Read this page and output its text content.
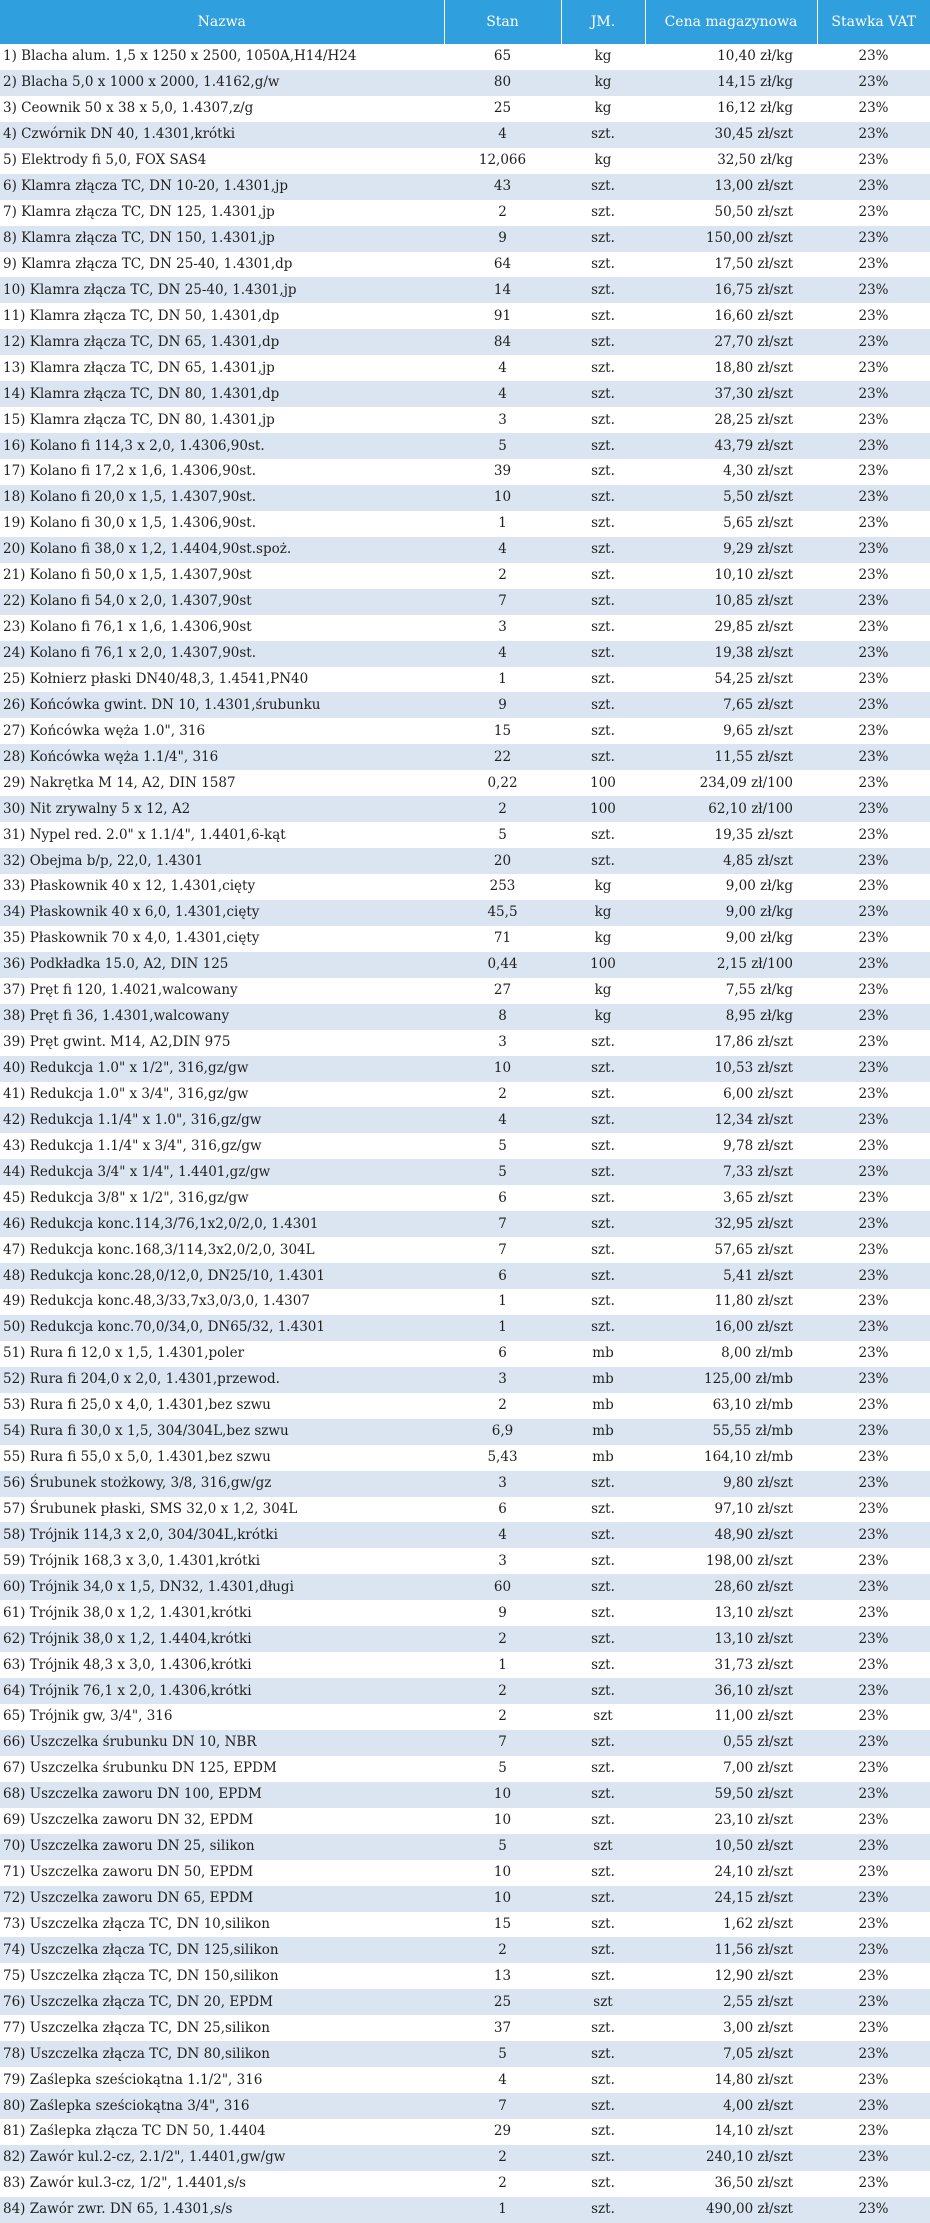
Nazwa	Stan	JM.	Cena magazynowa	Stawka VAT
1) Blacha alum. 1,5 x 1250 x 2500, 1050A,H14/H24	65	kg	10,40 zł/kg	23%
2) Blacha 5,0 x 1000 x 2000, 1.4162,g/w	80	kg	14,15 zł/kg	23%
3) Ceownik 50 x 38 x 5,0, 1.4307,z/g	25	kg	16,12 zł/kg	23%
4) Czwórnik DN 40, 1.4301,krótki	4	szt.	30,45 zł/szt	23%
5) Elektrody fi 5,0, FOX SAS4	12,066	kg	32,50 zł/kg	23%
6) Klamra złącza TC, DN 10-20, 1.4301,jp	43	szt.	13,00 zł/szt	23%
7) Klamra złącza TC, DN 125, 1.4301,jp	2	szt.	50,50 zł/szt	23%
8) Klamra złącza TC, DN 150, 1.4301,jp	9	szt.	150,00 zł/szt	23%
9) Klamra złącza TC, DN 25-40, 1.4301,dp	64	szt.	17,50 zł/szt	23%
10) Klamra złącza TC, DN 25-40, 1.4301,jp	14	szt.	16,75 zł/szt	23%
11) Klamra złącza TC, DN 50, 1.4301,dp	91	szt.	16,60 zł/szt	23%
12) Klamra złącza TC, DN 65, 1.4301,dp	84	szt.	27,70 zł/szt	23%
13) Klamra złącza TC, DN 65, 1.4301,jp	4	szt.	18,80 zł/szt	23%
14) Klamra złącza TC, DN 80, 1.4301,dp	4	szt.	37,30 zł/szt	23%
15) Klamra złącza TC, DN 80, 1.4301,jp	3	szt.	28,25 zł/szt	23%
16) Kolano fi 114,3 x 2,0, 1.4306,90st.	5	szt.	43,79 zł/szt	23%
17) Kolano fi 17,2 x 1,6, 1.4306,90st.	39	szt.	4,30 zł/szt	23%
18) Kolano fi 20,0 x 1,5, 1.4307,90st.	10	szt.	5,50 zł/szt	23%
19) Kolano fi 30,0 x 1,5, 1.4306,90st.	1	szt.	5,65 zł/szt	23%
20) Kolano fi 38,0 x 1,2, 1.4404,90st.spoż.	4	szt.	9,29 zł/szt	23%
21) Kolano fi 50,0 x 1,5, 1.4307,90st	2	szt.	10,10 zł/szt	23%
22) Kolano fi 54,0 x 2,0, 1.4307,90st	7	szt.	10,85 zł/szt	23%
23) Kolano fi 76,1 x 1,6, 1.4306,90st	3	szt.	29,85 zł/szt	23%
24) Kolano fi 76,1 x 2,0, 1.4307,90st.	4	szt.	19,38 zł/szt	23%
25) Kołnierz płaski DN40/48,3, 1.4541,PN40	1	szt.	54,25 zł/szt	23%
26) Końcówka gwint. DN 10, 1.4301,śrubunku	9	szt.	7,65 zł/szt	23%
27) Końcówka węża 1.0", 316	15	szt.	9,65 zł/szt	23%
28) Końcówka węża 1.1/4", 316	22	szt.	11,55 zł/szt	23%
29) Nakrętka M 14, A2, DIN 1587	0,22	100	234,09 zł/100	23%
30) Nit zrywalny 5 x 12, A2	2	100	62,10 zł/100	23%
31) Nypel red. 2.0" x 1.1/4", 1.4401,6-kąt	5	szt.	19,35 zł/szt	23%
32) Obejma b/p, 22,0, 1.4301	20	szt.	4,85 zł/szt	23%
33) Płaskownik 40 x 12, 1.4301,cięty	253	kg	9,00 zł/kg	23%
34) Płaskownik 40 x 6,0, 1.4301,cięty	45,5	kg	9,00 zł/kg	23%
35) Płaskownik 70 x 4,0, 1.4301,cięty	71	kg	9,00 zł/kg	23%
36) Podkładka 15.0, A2, DIN 125	0,44	100	2,15 zł/100	23%
37) Pręt fi 120, 1.4021,walcowany	27	kg	7,55 zł/kg	23%
38) Pręt fi 36, 1.4301,walcowany	8	kg	8,95 zł/kg	23%
39) Pręt gwint. M14, A2,DIN 975	3	szt.	17,86 zł/szt	23%
40) Redukcja 1.0" x 1/2", 316,gz/gw	10	szt.	10,53 zł/szt	23%
41) Redukcja 1.0" x 3/4", 316,gz/gw	2	szt.	6,00 zł/szt	23%
42) Redukcja 1.1/4" x 1.0", 316,gz/gw	4	szt.	12,34 zł/szt	23%
43) Redukcja 1.1/4" x 3/4", 316,gz/gw	5	szt.	9,78 zł/szt	23%
44) Redukcja 3/4" x 1/4", 1.4401,gz/gw	5	szt.	7,33 zł/szt	23%
45) Redukcja 3/8" x 1/2", 316,gz/gw	6	szt.	3,65 zł/szt	23%
46) Redukcja konc.114,3/76,1x2,0/2,0, 1.4301	7	szt.	32,95 zł/szt	23%
47) Redukcja konc.168,3/114,3x2,0/2,0, 304L	7	szt.	57,65 zł/szt	23%
48) Redukcja konc.28,0/12,0, DN25/10, 1.4301	6	szt.	5,41 zł/szt	23%
49) Redukcja konc.48,3/33,7x3,0/3,0, 1.4307	1	szt.	11,80 zł/szt	23%
50) Redukcja konc.70,0/34,0, DN65/32, 1.4301	1	szt.	16,00 zł/szt	23%
51) Rura fi 12,0 x 1,5, 1.4301,poler	6	mb	8,00 zł/mb	23%
52) Rura fi 204,0 x 2,0, 1.4301,przewod.	3	mb	125,00 zł/mb	23%
53) Rura fi 25,0 x 4,0, 1.4301,bez szwu	2	mb	63,10 zł/mb	23%
54) Rura fi 30,0 x 1,5, 304/304L,bez szwu	6,9	mb	55,55 zł/mb	23%
55) Rura fi 55,0 x 5,0, 1.4301,bez szwu	5,43	mb	164,10 zł/mb	23%
56) Śrubunek stożkowy, 3/8, 316,gw/gz	3	szt.	9,80 zł/szt	23%
57) Śrubunek płaski, SMS 32,0 x 1,2, 304L	6	szt.	97,10 zł/szt	23%
58) Trójnik 114,3 x 2,0, 304/304L,krótki	4	szt.	48,90 zł/szt	23%
59) Trójnik 168,3 x 3,0, 1.4301,krótki	3	szt.	198,00 zł/szt	23%
60) Trójnik 34,0 x 1,5, DN32, 1.4301,długi	60	szt.	28,60 zł/szt	23%
61) Trójnik 38,0 x 1,2, 1.4301,krótki	9	szt.	13,10 zł/szt	23%
62) Trójnik 38,0 x 1,2, 1.4404,krótki	2	szt.	13,10 zł/szt	23%
63) Trójnik 48,3 x 3,0, 1.4306,krótki	1	szt.	31,73 zł/szt	23%
64) Trójnik 76,1 x 2,0, 1.4306,krótki	2	szt.	36,10 zł/szt	23%
65) Trójnik gw, 3/4", 316	2	szt	11,00 zł/szt	23%
66) Uszczelka śrubunku DN 10, NBR	7	szt.	0,55 zł/szt	23%
67) Uszczelka śrubunku DN 125, EPDM	5	szt.	7,00 zł/szt	23%
68) Uszczelka zaworu DN 100, EPDM	10	szt.	59,50 zł/szt	23%
69) Uszczelka zaworu DN 32, EPDM	10	szt.	23,10 zł/szt	23%
70) Uszczelka zaworu DN 25, silikon	5	szt	10,50 zł/szt	23%
71) Uszczelka zaworu DN 50, EPDM	10	szt.	24,10 zł/szt	23%
72) Uszczelka zaworu DN 65, EPDM	10	szt.	24,15 zł/szt	23%
73) Uszczelka złącza TC, DN 10,silikon	15	szt.	1,62 zł/szt	23%
74) Uszczelka złącza TC, DN 125,silikon	2	szt.	11,56 zł/szt	23%
75) Uszczelka złącza TC, DN 150,silikon	13	szt.	12,90 zł/szt	23%
76) Uszczelka złącza TC, DN 20, EPDM	25	szt	2,55 zł/szt	23%
77) Uszczelka złącza TC, DN 25,silikon	37	szt.	3,00 zł/szt	23%
78) Uszczelka złącza TC, DN 80,silikon	5	szt.	7,05 zł/szt	23%
79) Zaślepka sześciokątna 1.1/2", 316	4	szt.	14,80 zł/szt	23%
80) Zaślepka sześciokątna 3/4", 316	7	szt.	4,00 zł/szt	23%
81) Zaślepka złącza TC DN 50, 1.4404	29	szt.	14,10 zł/szt	23%
82) Zawór kul.2-cz, 2.1/2", 1.4401,gw/gw	2	szt.	240,10 zł/szt	23%
83) Zawór kul.3-cz, 1/2", 1.4401,s/s	2	szt.	36,50 zł/szt	23%
84) Zawór zwr. DN 65, 1.4301,s/s	1	szt.	490,00 zł/szt	23%
